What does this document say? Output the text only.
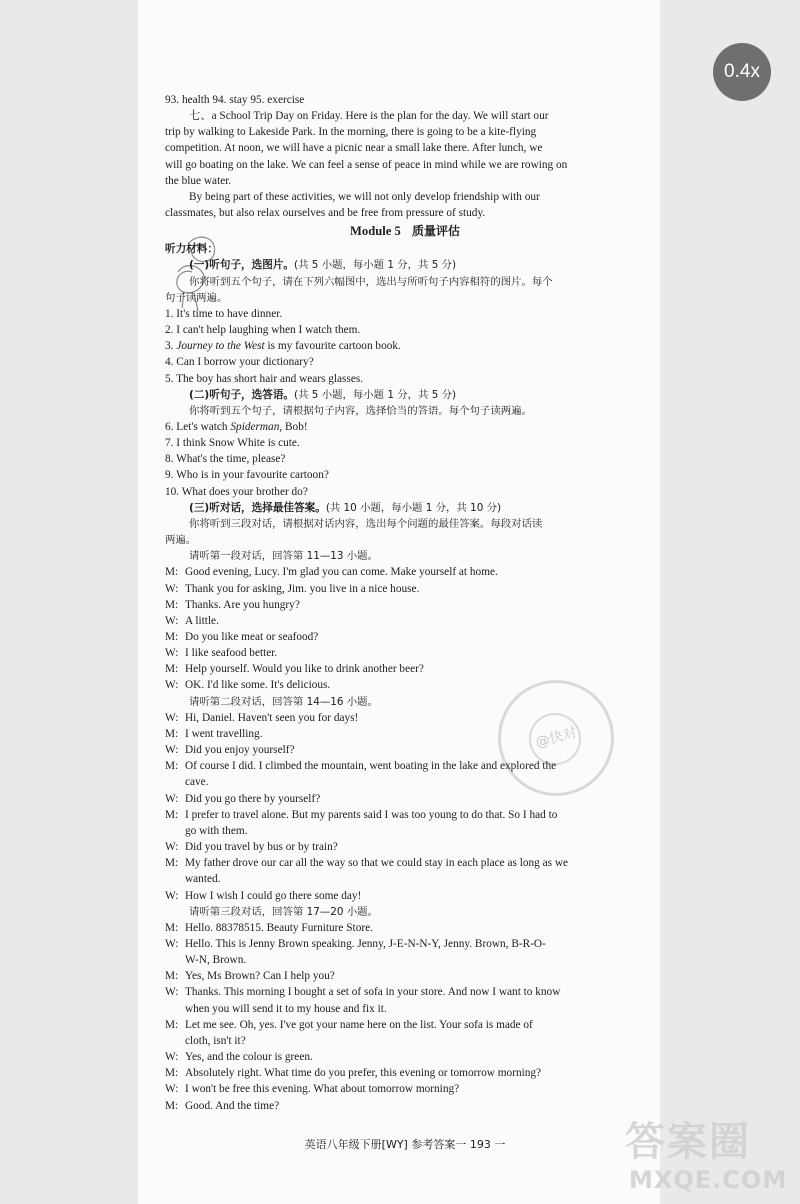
0.4x
@快对
93. health 94. stay 95. exercise
七、a School Trip Day on Friday. Here is the plan for the day. We will start our
trip by walking to Lakeside Park. In the morning, there is going to be a kite-flying
competition. At noon, we will have a picnic near a small lake there. After lunch, we
will go boating on the lake. We can feel a sense of peace in mind while we are rowing on
the blue water.
By being part of these activities, we will not only develop friendship with our
classmates, but also relax ourselves and be free from pressure of study.
Module 5 质量评估
听力材料：
(一)听句子，选图片。(共 5 小题，每小题 1 分，共 5 分)
你将听到五个句子，请在下列六幅图中，选出与所听句子内容相符的图片。每个
句子读两遍。
1. It's time to have dinner.
2. I can't help laughing when I watch them.
3. Journey to the West is my favourite cartoon book.
4. Can I borrow your dictionary?
5. The boy has short hair and wears glasses.
(二)听句子，选答语。(共 5 小题，每小题 1 分，共 5 分)
你将听到五个句子，请根据句子内容，选择恰当的答语。每个句子读两遍。
6. Let's watch Spiderman, Bob!
7. I think Snow White is cute.
8. What's the time, please?
9. Who is in your favourite cartoon?
10. What does your brother do?
(三)听对话，选择最佳答案。(共 10 小题，每小题 1 分，共 10 分)
你将听到三段对话，请根据对话内容，选出每个问题的最佳答案。每段对话读
两遍。
请听第一段对话，回答第 11—13 小题。
M: Good evening, Lucy. I'm glad you can come. Make yourself at home.
W: Thank you for asking, Jim. you live in a nice house.
M: Thanks. Are you hungry?
W: A little.
M: Do you like meat or seafood?
W: I like seafood better.
M: Help yourself. Would you like to drink another beer?
W: OK. I'd like some. It's delicious.
请听第二段对话，回答第 14—16 小题。
W: Hi, Daniel. Haven't seen you for days!
M: I went travelling.
W: Did you enjoy yourself?
M: Of course I did. I climbed the mountain, went boating in the lake and explored the
cave.
W: Did you go there by yourself?
M: I prefer to travel alone. But my parents said I was too young to do that. So I had to
go with them.
W: Did you travel by bus or by train?
M: My father drove our car all the way so that we could stay in each place as long as we
wanted.
W: How I wish I could go there some day!
请听第三段对话，回答第 17—20 小题。
M: Hello. 88378515. Beauty Furniture Store.
W: Hello. This is Jenny Brown speaking. Jenny, J-E-N-N-Y, Jenny. Brown, B-R-O-
W-N, Brown.
M: Yes, Ms Brown? Can I help you?
W: Thanks. This morning I bought a set of sofa in your store. And now I want to know
when you will send it to my house and fix it.
M: Let me see. Oh, yes. I've got your name here on the list. Your sofa is made of
cloth, isn't it?
W: Yes, and the colour is green.
M: Absolutely right. What time do you prefer, this evening or tomorrow morning?
W: I won't be free this evening. What about tomorrow morning?
M: Good. And the time?
英语八年级下册[WY] 参考答案一 193 一	答案圈
MXQE.COM
